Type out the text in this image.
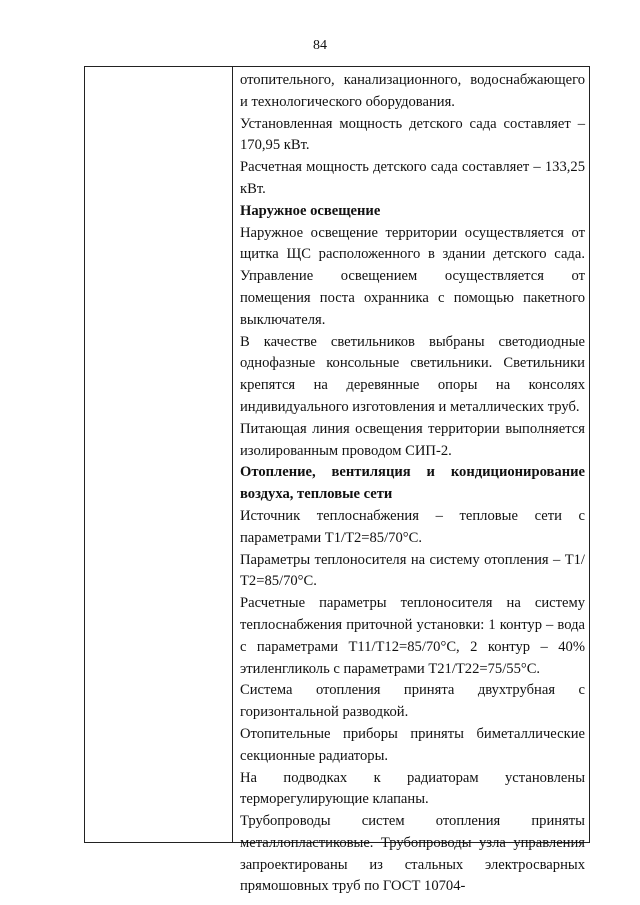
84

отопительного, канализационного, водоснабжающего и технологического оборудования.

Установленная мощность детского сада составляет – 170,95 кВт.

Расчетная мощность детского сада составляет – 133,25 кВт.

Наружное освещение

Наружное освещение территории осуществляется от щитка ЩС расположенного в здании детского сада. Управление освещением осуществляется от помещения поста охранника с помощью пакетного выключателя.

В качестве светильников выбраны светодиодные однофазные консольные светильники. Светильники крепятся на деревянные опоры на консолях индивидуального изготовления и металлических труб.

Питающая линия освещения территории выполняется изолированным проводом СИП-2.

Отопление, вентиляция и кондиционирование воздуха, тепловые сети

Источник теплоснабжения – тепловые сети с параметрами Т1/Т2=85/70°С.

Параметры теплоносителя на систему отопления – Т1/Т2=85/70°С.

Расчетные параметры теплоносителя на систему теплоснабжения приточной установки: 1 контур – вода с параметрами Т11/Т12=85/70°С, 2 контур – 40% этиленгликоль с параметрами Т21/Т22=75/55°С.

Система отопления принята двухтрубная с горизонтальной разводкой.

Отопительные приборы приняты биметаллические секционные радиаторы.

На подводках к радиаторам установлены терморегулирующие клапаны.

Трубопроводы систем отопления приняты металлопластиковые. Трубопроводы узла управления запроектированы из стальных электросварных прямошовных труб по ГОСТ 10704-
